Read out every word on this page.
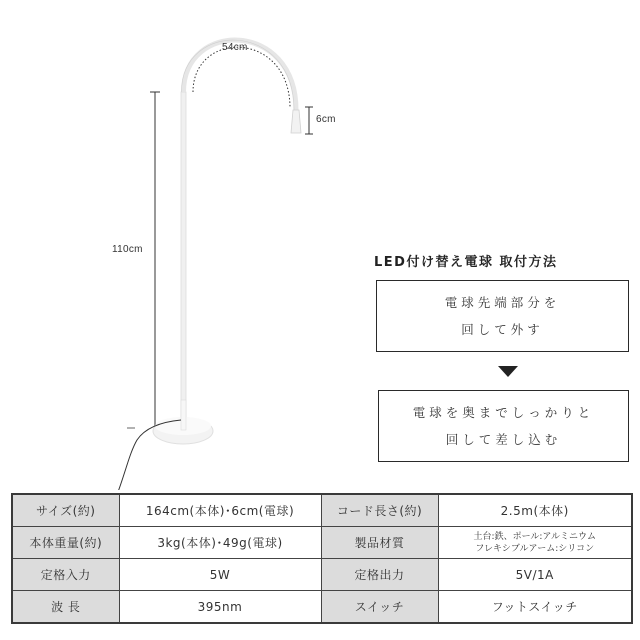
54cm
6cm
110cm
LED付け替え電球 取付方法
電球先端部分を
回して外す
電球を奥までしっかりと
回して差し込む
サイズ(約)	164cm(本体)･6cm(電球)	コード長さ(約)	2.5m(本体)
本体重量(約)	3kg(本体)･49g(電球)	製品材質	土台:鉄、ポール:アルミニウム
フレキシブルアーム:シリコン

定格入力	5W	定格出力	5V/1A
波 長	395nm	スイッチ	フットスイッチ
